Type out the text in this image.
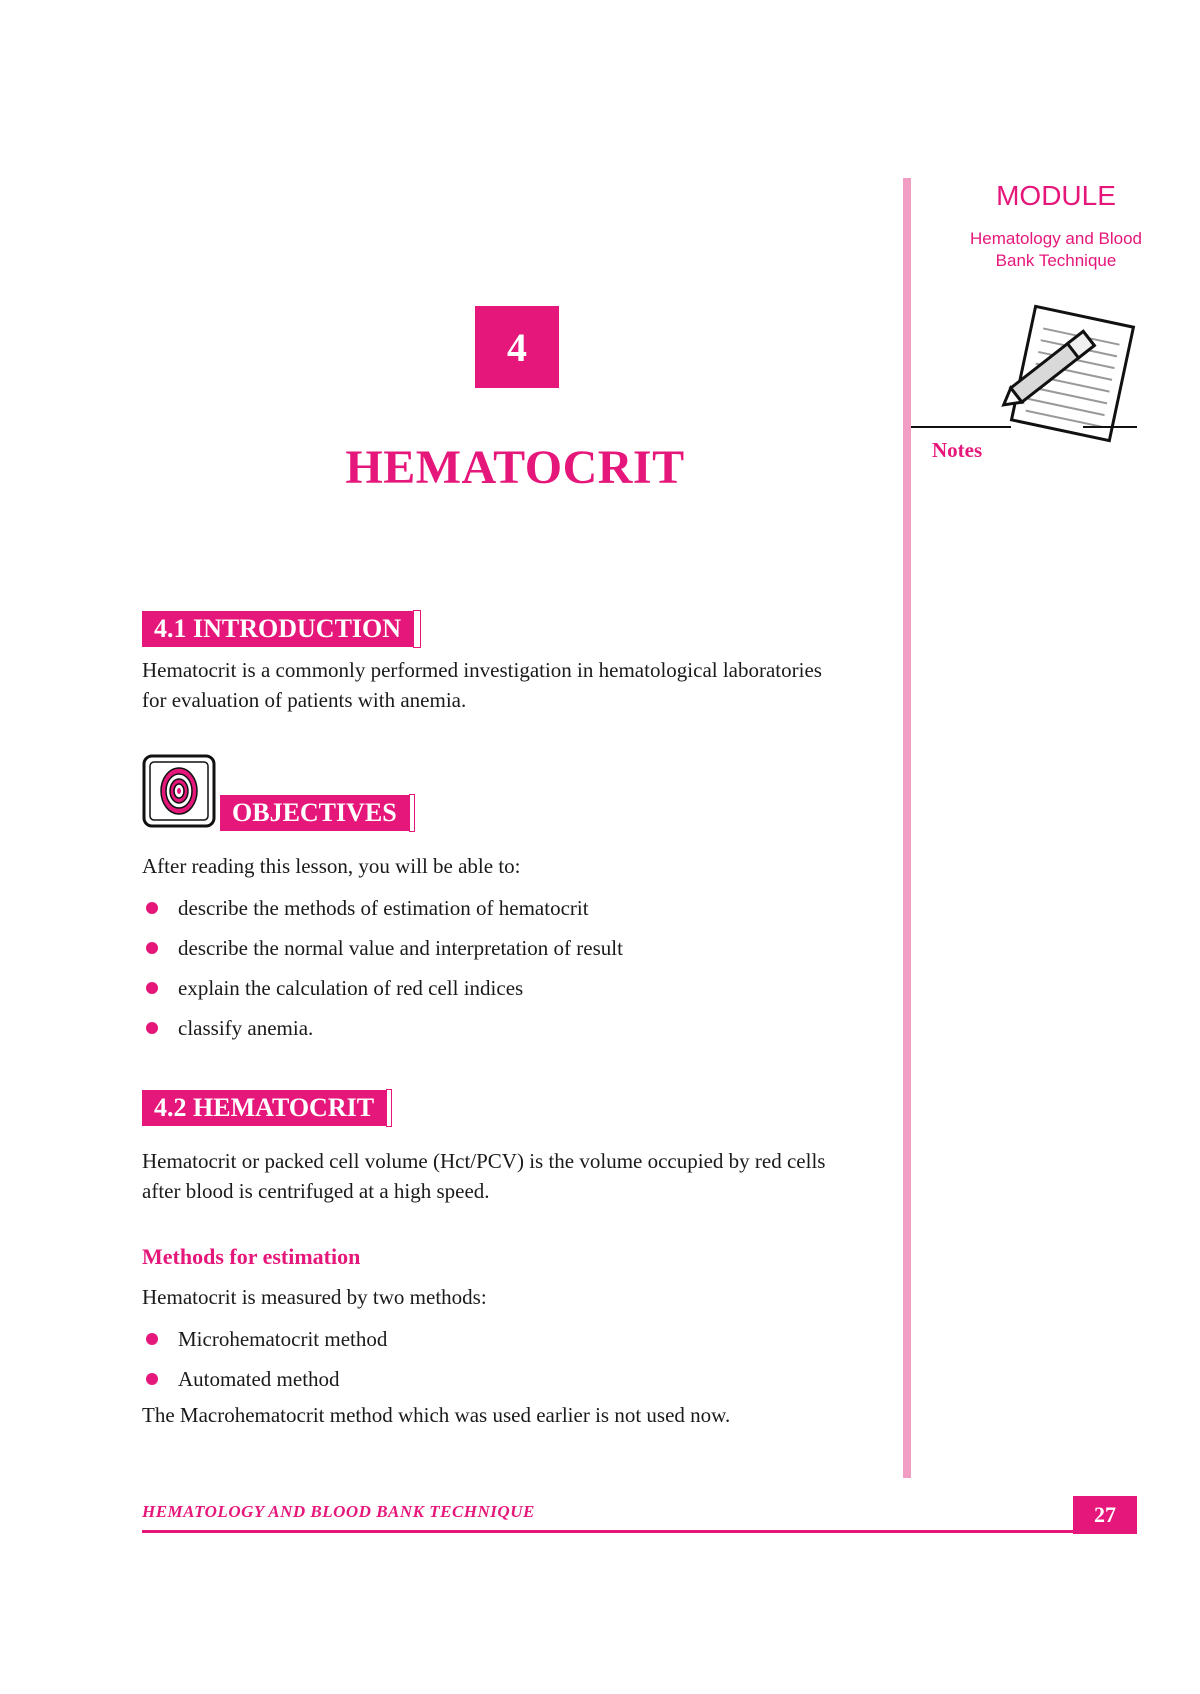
MODULE
Hematology and Blood
Bank Technique
Notes
4
HEMATOCRIT
4.1 INTRODUCTION
Hematocrit is a commonly performed investigation in hematological laboratories
for evaluation of patients with anemia.
OBJECTIVES
After reading this lesson, you will be able to:
describe the methods of estimation of hematocrit
describe the normal value and interpretation of result
explain the calculation of red cell indices
classify anemia.
4.2 HEMATOCRIT
Hematocrit or packed cell volume (Hct/PCV) is the volume occupied by red cells
after blood is centrifuged at a high speed.
Methods for estimation
Hematocrit is measured by two methods:
Microhematocrit method
Automated method
The Macrohematocrit method which was used earlier is not used now.
HEMATOLOGY AND BLOOD BANK TECHNIQUE	27
